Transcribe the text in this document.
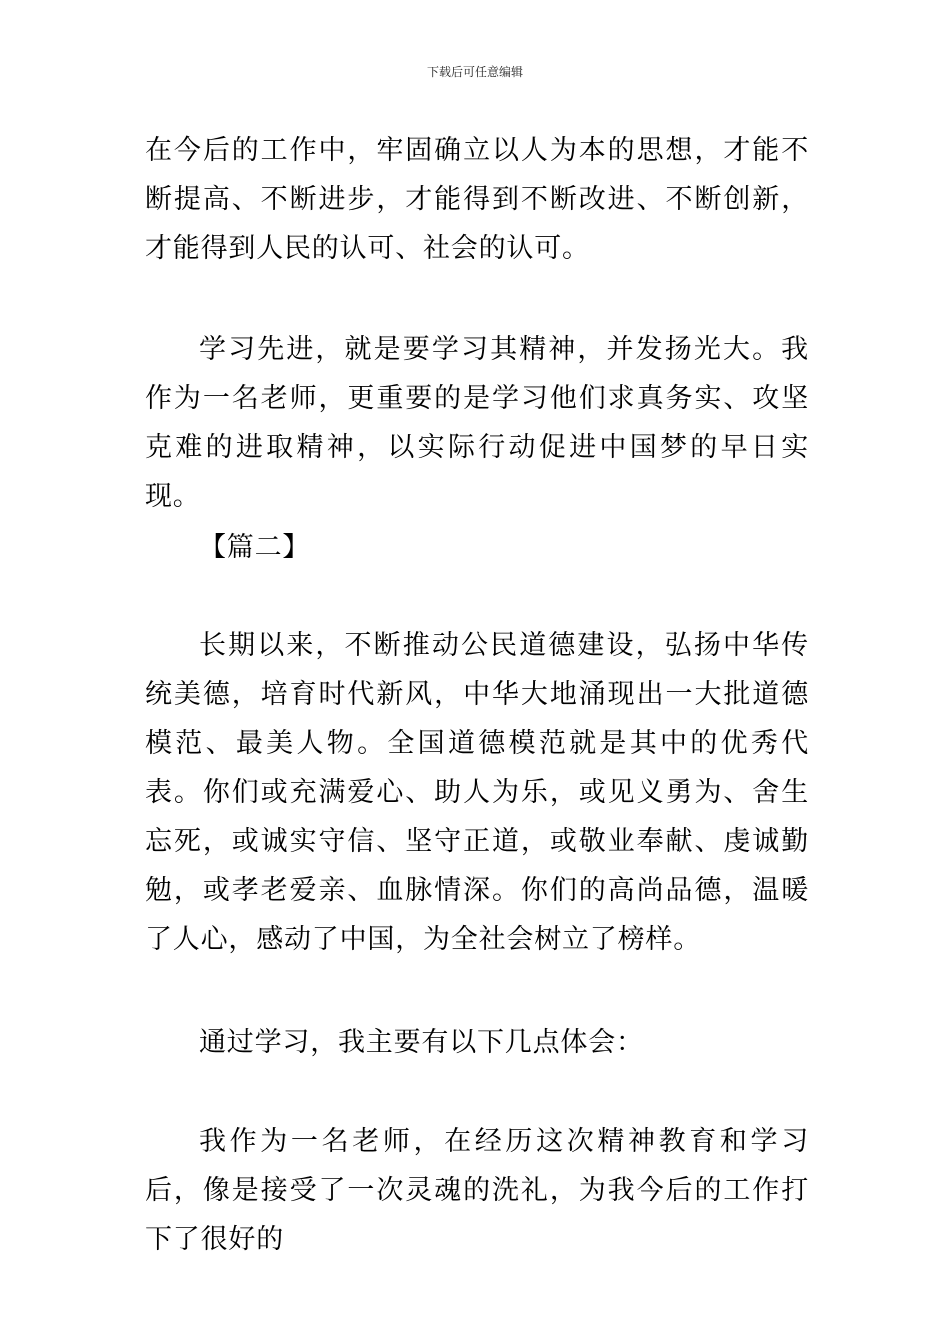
下载后可任意编辑

在今后的工作中，牢固确立以人为本的思想，才能不断提高、不断进步，才能得到不断改进、不断创新，才能得到人民的认可、社会的认可。

学习先进，就是要学习其精神，并发扬光大。我作为一名老师，更重要的是学习他们求真务实、攻坚克难的进取精神，以实际行动促进中国梦的早日实现。

【篇二】

长期以来，不断推动公民道德建设，弘扬中华传统美德，培育时代新风，中华大地涌现出一大批道德模范、最美人物。全国道德模范就是其中的优秀代表。你们或充满爱心、助人为乐，或见义勇为、舍生忘死，或诚实守信、坚守正道，或敬业奉献、虔诚勤勉，或孝老爱亲、血脉情深。你们的高尚品德，温暖了人心，感动了中国，为全社会树立了榜样。

通过学习，我主要有以下几点体会：

我作为一名老师，在经历这次精神教育和学习后，像是接受了一次灵魂的洗礼，为我今后的工作打下了很好的
